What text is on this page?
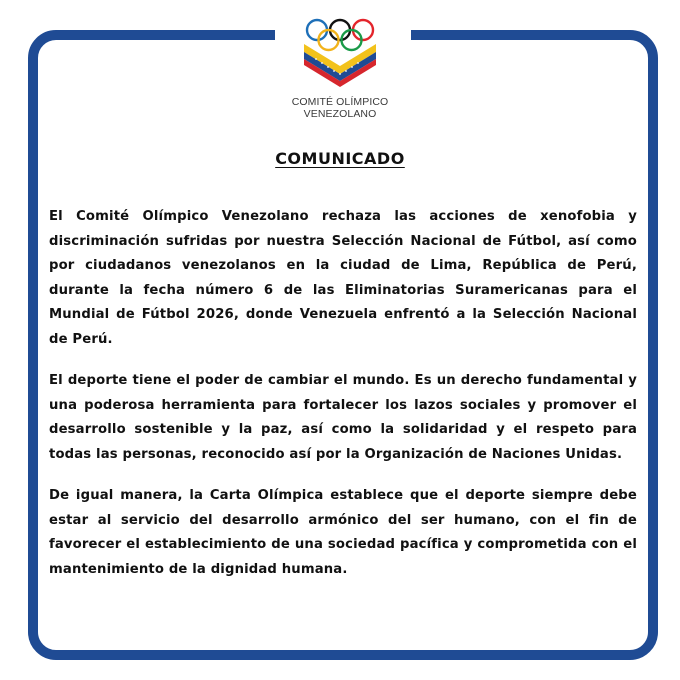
COMITÉ OLÍMPICO
VENEZOLANO
COMUNICADO

El Comité Olímpico Venezolano rechaza las acciones de xenofobia y discriminación sufridas por nuestra Selección Nacional de Fútbol, así como por ciudadanos venezolanos en la ciudad de Lima, República de Perú, durante la fecha número 6 de las Eliminatorias Suramericanas para el Mundial de Fútbol 2026, donde Venezuela enfrentó a la Selección Nacional de Perú.

El deporte tiene el poder de cambiar el mundo. Es un derecho fundamental y una poderosa herramienta para fortalecer los lazos sociales y promover el desarrollo sostenible y la paz, así como la solidaridad y el respeto para todas las personas, reconocido así por la Organización de Naciones Unidas.

De igual manera, la Carta Olímpica establece que el deporte siempre debe estar al servicio del desarrollo armónico del ser humano, con el fin de favorecer el establecimiento de una sociedad pacífica y comprometida con el mantenimiento de la dignidad humana.
